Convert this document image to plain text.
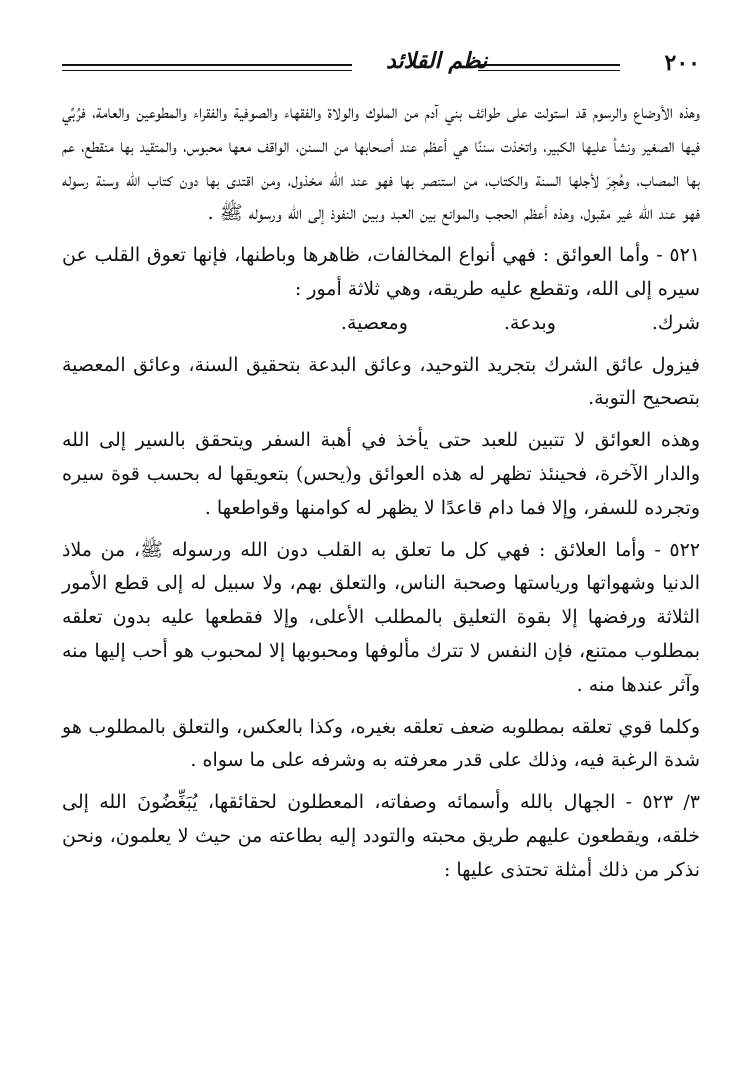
٢٠٠
نظم القلائد

وهذه الأوضاع والرسوم قد استولت على طوائف بني آدم من الملوك والولاة والفقهاء والصوفية والفقراء والمطوعين والعامة، فرُبِّي فيها الصغير ونشأ عليها الكبير، واتخذت سننًا هي أعظم عند أصحابها من السنن، الواقف معها محبوس، والمتقيد بها منقطع، عم بها المصاب، وهُجِرَ لأجلها السنة والكتاب، من استنصر بها فهو عند الله مخذول، ومن اقتدى بها دون كتاب الله وسنة رسوله فهو عند الله غير مقبول، وهذه أعظم الحجب والموانع بين العبد وبين النفوذ إلى الله ورسوله ﷺ .

٥٢١ - وأما العوائق : فهي أنواع المخالفات، ظاهرها وباطنها، فإنها تعوق القلب عن سيره إلى الله، وتقطع عليه طريقه، وهي ثلاثة أمور :

شرك.
وبدعة.
ومعصية.

فيزول عائق الشرك بتجريد التوحيد، وعائق البدعة بتحقيق السنة، وعائق المعصية بتصحيح التوبة.

وهذه العوائق لا تتبين للعبد حتى يأخذ في أهبة السفر ويتحقق بالسير إلى الله والدار الآخرة، فحينئذ تظهر له هذه العوائق و(يحس) بتعويقها له بحسب قوة سيره وتجرده للسفر، وإلا فما دام قاعدًا لا يظهر له كوامنها وقواطعها .

٥٢٢ - وأما العلائق : فهي كل ما تعلق به القلب دون الله ورسوله ﷺ، من ملاذ الدنيا وشهواتها ورياستها وصحبة الناس، والتعلق بهم، ولا سبيل له إلى قطع الأمور الثلاثة ورفضها إلا بقوة التعليق بالمطلب الأعلى، وإلا فقطعها عليه بدون تعلقه بمطلوب ممتنع، فإن النفس لا تترك مألوفها ومحبوبها إلا لمحبوب هو أحب إليها منه وآثر عندها منه .

وكلما قوي تعلقه بمطلوبه ضعف تعلقه بغيره، وكذا بالعكس، والتعلق بالمطلوب هو شدة الرغبة فيه، وذلك على قدر معرفته به وشرفه على ما سواه .

٣/ ٥٢٣ - الجهال بالله وأسمائه وصفاته، المعطلون لحقائقها، يُبَغِّضُونَ الله إلى خلقه، ويقطعون عليهم طريق محبته والتودد إليه بطاعته من حيث لا يعلمون، ونحن نذكر من ذلك أمثلة تحتذى عليها :
